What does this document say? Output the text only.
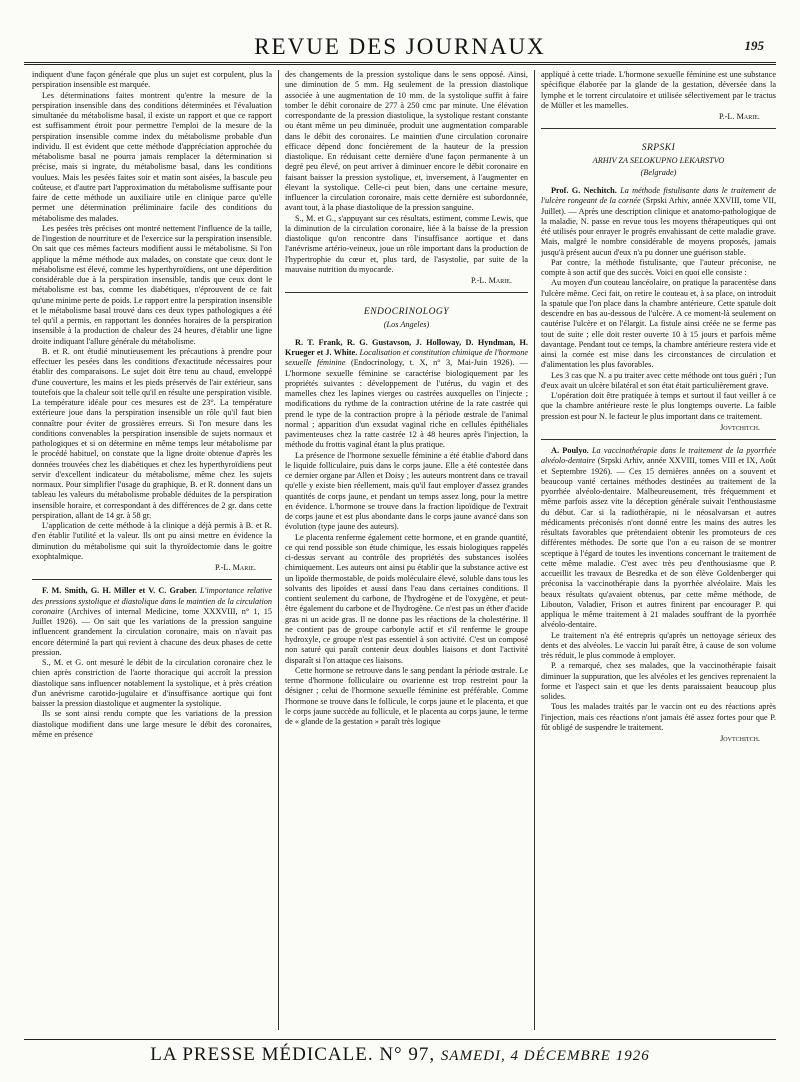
REVUE DES JOURNAUX	195

indiquent d'une façon générale que plus un sujet est corpulent, plus la perspiration insensible est marquée.

Les déterminations faites montrent qu'entre la mesure de la perspiration insensible dans des conditions déterminées et l'évaluation simultanée du métabolisme basal, il existe un rapport et que ce rapport est suffisamment étroit pour permettre l'emploi de la mesure de la perspiration insensible comme index du métabolisme probable d'un individu. Il est évident que cette méthode d'appréciation approchée du métabolisme basal ne pourra jamais remplacer la détermination si précise, mais si ingrate, du métabolisme basal, dans les conditions voulues. Mais les pesées faites soir et matin sont aisées, la bascule peu coûteuse, et d'autre part l'approximation du métabolisme suffisante pour faire de cette méthode un auxiliaire utile en clinique parce qu'elle permet une détermination préliminaire facile des conditions du métabolisme des malades.

Les pesées très précises ont montré nettement l'influence de la taille, de l'ingestion de nourriture et de l'exercice sur la perspiration insensible. On sait que ces mêmes facteurs modifient aussi le métabolisme. Si l'on applique la même méthode aux malades, on constate que ceux dont le métabolisme est élevé, comme les hyperthyroïdiens, ont une déperdition considérable due à la perspiration insensible, tandis que ceux dont le métabolisme est bas, comme les diabétiques, n'éprouvent de ce fait qu'une minime perte de poids. Le rapport entre la perspiration insensible et le métabolisme basal trouvé dans ces deux types pathologiques a été tel qu'il a permis, en rapportant les données horaires de la perspiration insensible à la production de chaleur des 24 heures, d'établir une ligne droite indiquant l'allure générale du métabolisme.

B. et R. ont étudié minutieusement les précautions à prendre pour effectuer les pesées dans les conditions d'exactitude nécessaires pour établir des comparaisons. Le sujet doit être tenu au chaud, enveloppé d'une couverture, les mains et les pieds préservés de l'air extérieur, sans toutefois que la chaleur soit telle qu'il en résulte une perspiration visible. La température idéale pour ces mesures est de 23°. La température extérieure joue dans la perspiration insensible un rôle qu'il faut bien connaître pour éviter de grossières erreurs. Si l'on mesure dans les conditions convenables la perspiration insensible de sujets normaux et pathologiques et si on détermine en même temps leur métabolisme par le procédé habituel, on constate que la ligne droite obtenue d'après les données trouvées chez les diabétiques et chez les hyperthyroïdiens peut servir d'excellent indicateur du métabolisme, même chez les sujets normaux. Pour simplifier l'usage du graphique, B. et R. donnent dans un tableau les valeurs du métabolisme probable déduites de la perspiration insensible horaire, et correspondant à des différences de 2 gr. dans cette perspiration, allant de 14 gr. à 58 gr.

L'application de cette méthode à la clinique a déjà permis à B. et R. d'en établir l'utilité et la valeur. Ils ont pu ainsi mettre en évidence la diminution du métabolisme qui suit la thyroïdectomie dans le goitre exophtalmique.

P.-L. Marie.

F. M. Smith, G. H. Miller et V. C. Graber. L'importance relative des pressions systolique et diastolique dans le maintien de la circulation coronaire (Archives of internal Medicine, tome XXXVIII, n° 1, 15 Juillet 1926). — On sait que les variations de la pression sanguine influencent grandement la circulation coronaire, mais on n'avait pas encore déterminé la part qui revient à chacune des deux phases de cette pression.

S., M. et G. ont mesuré le débit de la circulation coronaire chez le chien après constriction de l'aorte thoracique qui accroît la pression diastolique sans influencer notablement la systolique, et à près création d'un anévrisme carotido-jugulaire et d'insuffisance aortique qui font baisser la pression diastolique et augmenter la systolique.

Ils se sont ainsi rendu compte que les variations de la pression diastolique modifient dans une large mesure le débit des coronaires, même en présence

des changements de la pression systolique dans le sens opposé. Ainsi, une diminution de 5 mm. Hg seulement de la pression diastolique associée à une augmentation de 10 mm. de la systolique suffit à faire tomber le débit coronaire de 277 à 250 cmc par minute. Une élévation correspondante de la pression diastolique, la systolique restant constante ou étant même un peu diminuée, produit une augmentation comparable dans le débit des coronaires. Le maintien d'une circulation coronaire efficace dépend donc foncièrement de la hauteur de la pression diastolique. En réduisant cette dernière d'une façon permanente à un degré peu élevé, on peut arriver à diminuer encore le débit coronaire en faisant baisser la pression systolique, et, inversement, à l'augmenter en élevant la systolique. Celle-ci peut bien, dans une certaine mesure, influencer la circulation coronaire, mais cette dernière est subordonnée, avant tout, à la phase diastolique de la pression sanguine.

S., M. et G., s'appuyant sur ces résultats, estiment, comme Lewis, que la diminution de la circulation coronaire, liée à la baisse de la pression diastolique qu'on rencontre dans l'insuffisance aortique et dans l'anévrisme artério-veineux, joue un rôle important dans la production de l'hypertrophie du cœur et, plus tard, de l'asystolie, par suite de la mauvaise nutrition du myocarde.

P.-L. Marie.
ENDOCRINOLOGY
(Los Angeles)

R. T. Frank, R. G. Gustavson, J. Holloway, D. Hyndman, H. Krueger et J. White. Localisation et constitution chimique de l'hormone sexuelle féminine (Endocrinology, t. X, n° 3, Mai-Juin 1926). — L'hormone sexuelle féminine se caractérise biologiquement par les propriétés suivantes : développement de l'utérus, du vagin et des mamelles chez les lapines vierges ou castrées auxquelles on l'injecte ; modifications du rythme de la contraction utérine de la rate castrée qui prend le type de la contraction propre à la période œstrale de l'animal normal ; apparition d'un exsudat vaginal riche en cellules épithéliales pavimenteuses chez la ratte castrée 12 à 48 heures après l'injection, la méthode du frottis vaginal étant la plus pratique.

La présence de l'hormone sexuelle féminine a été établie d'abord dans le liquide folliculaire, puis dans le corps jaune. Elle a été contestée dans ce dernier organe par Allen et Doisy ; les auteurs montrent dans ce travail qu'elle y existe bien réellement, mais qu'il faut employer d'assez grandes quantités de corps jaune, et pendant un temps assez long, pour la mettre en évidence. L'hormone se trouve dans la fraction lipoïdique de l'extrait de corps jaune et est plus abondante dans le corps jaune avancé dans son évolution (type jaune des auteurs).

Le placenta renferme également cette hormone, et en grande quantité, ce qui rend possible son étude chimique, les essais biologiques rappelés ci-dessus servant au contrôle des propriétés des substances isolées chimiquement. Les auteurs ont ainsi pu établir que la substance active est un lipoïde thermostable, de poids moléculaire élevé, soluble dans tous les solvants des lipoïdes et aussi dans l'eau dans certaines conditions. Il contient seulement du carbone, de l'hydrogène et de l'oxygène, et peut-être également du carbone et de l'hydrogène. Ce n'est pas un éther d'acide gras ni un acide gras. Il ne donne pas les réactions de la cholestérine. Il ne contient pas de groupe carbonyle actif et s'il renferme le groupe hydroxyle, ce groupe n'est pas essentiel à son activité. C'est un composé non saturé qui paraît contenir deux doubles liaisons et dont l'activité disparaît si l'on attaque ces liaisons.

Cette hormone se retrouve dans le sang pendant la période œstrale. Le terme d'hormone folliculaire ou ovarienne est trop restreint pour la désigner ; celui de l'hormone sexuelle féminine est préférable. Comme l'hormone se trouve dans le follicule, le corps jaune et le placenta, et que le corps jaune succède au follicule, et le placenta au corps jaune, le terme de « glande de la gestation » paraît très logique

appliqué à cette triade. L'hormone sexuelle féminine est une substance spécifique élaborée par la glande de la gestation, déversée dans la lymphe et le torrent circulatoire et utilisée sélectivement par le tractus de Müller et les mamelles.

P.-L. Marie.
SRPSKI
ARHIV ZA SELOKUPNO LEKARSTVO
(Belgrade)

Prof. G. Nechitch. La méthode fistulisante dans le traitement de l'ulcère rongeant de la cornée (Srpski Arhiv, année XXVIII, tome VII, Juillet). — Après une description clinique et anatomo-pathologique de la maladie, N. passe en revue tous les moyens thérapeutiques qui ont été utilisés pour enrayer le progrès envahissant de cette maladie grave. Mais, malgré le nombre considérable de moyens proposés, jamais jusqu'à présent aucun d'eux n'a pu donner une guérison stable.

Par contre, la méthode fistulisante, que l'auteur préconise, ne compte à son actif que des succès. Voici en quoi elle consiste :

Au moyen d'un couteau lancéolaire, on pratique la paracentèse dans l'ulcère même. Ceci fait, on retire le couteau et, à sa place, on introduit la spatule que l'on place dans la chambre antérieure. Cette spatule doit descendre en bas au-dessous de l'ulcère. A ce moment-là seulement on cautérise l'ulcère et on l'élargit. La fistule ainsi créée ne se ferme pas tout de suite ; elle doit rester ouverte 10 à 15 jours et parfois même davantage. Pendant tout ce temps, la chambre antérieure restera vide et ainsi la cornée est mise dans les circonstances de circulation et d'alimentation les plus favorables.

Les 3 cas que N. a pu traiter avec cette méthode ont tous guéri ; l'un d'eux avait un ulcère bilatéral et son état était particulièrement grave.

L'opération doit être pratiquée à temps et surtout il faut veiller à ce que la chambre antérieure reste le plus longtemps ouverte. La faible pression est pour N. le facteur le plus important dans ce traitement.

Jovtchitch.

A. Poulyo. La vaccinothérapie dans le traitement de la pyorrhée alvéolo-dentaire (Srpski Arhiv, année XXVIII, tomes VIII et IX, Août et Septembre 1926). — Ces 15 dernières années on a souvent et beaucoup vanté certaines méthodes destinées au traitement de la pyorrhée alvéolo-dentaire. Malheureusement, très fréquemment et même parfois assez vite la déception générale suivait l'enthousiasme du début. Car si la radiothérapie, ni le néosalvarsan et autres médicaments préconisés n'ont donné entre les mains des autres les résultats favorables que prétendaient obtenir les promoteurs de ces différentes méthodes. De sorte que l'on a eu raison de se montrer sceptique à l'égard de toutes les inventions concernant le traitement de cette même maladie. C'est avec très peu d'enthousiasme que P. accueillit les travaux de Besredka et de son élève Goldenberger qui préconisa la vaccinothérapie dans la pyorrhée alvéolaire. Mais les beaux résultats qu'avaient obtenus, par cette même méthode, de Libouton, Valadier, Frison et autres finirent par encourager P. qui appliqua le même traitement à 21 malades souffrant de la pyorrhée alvéolo-dentaire.

Le traitement n'a été entrepris qu'après un nettoyage sérieux des dents et des alvéoles. Le vaccin lui paraît être, à cause de son volume très réduit, le plus commode à employer.

P. a remarqué, chez ses malades, que la vaccinothérapie faisait diminuer la suppuration, que les alvéoles et les gencives reprenaient la forme et l'aspect sain et que les dents paraissaient beaucoup plus solides.

Tous les malades traités par le vaccin ont eu des réactions après l'injection, mais ces réactions n'ont jamais été assez fortes pour que P. fût obligé de suspendre le traitement.

Jovtchitch.
LA PRESSE MÉDICALE. N° 97, SAMEDI, 4 DÉCEMBRE 1926
